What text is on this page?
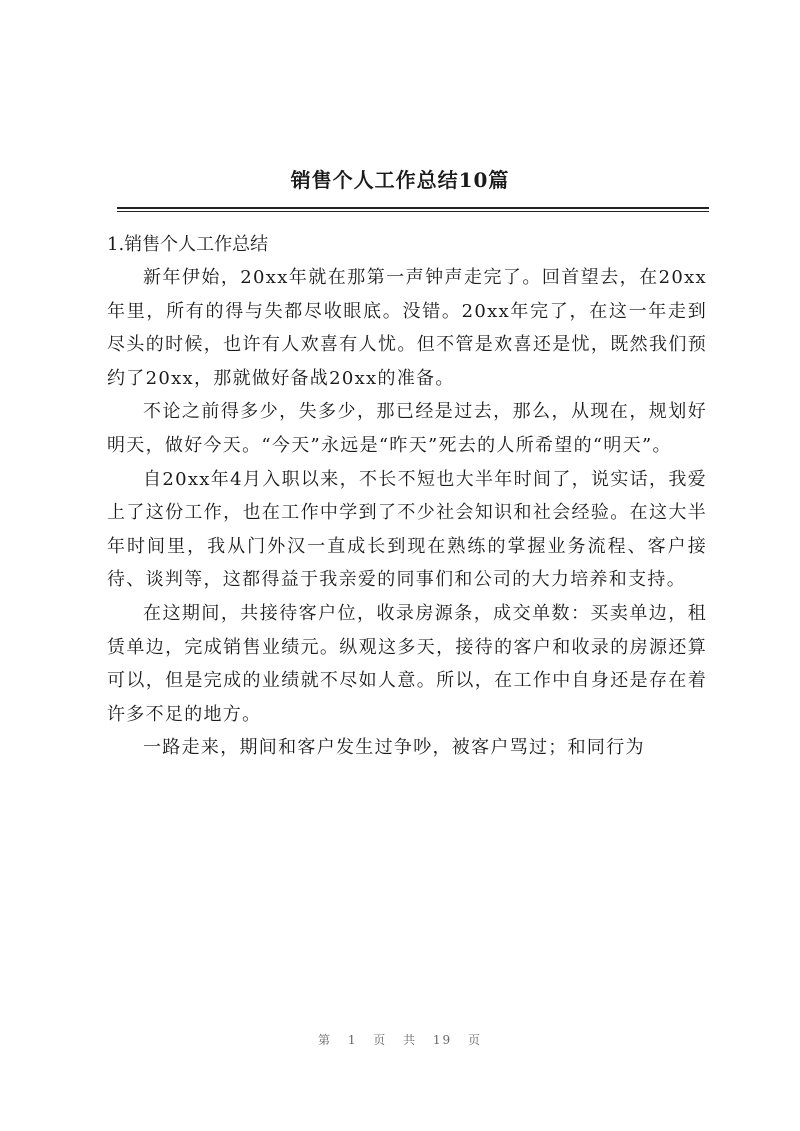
销售个人工作总结10篇

1.销售个人工作总结

新年伊始，20xx年就在那第一声钟声走完了。回首望去，在20xx年里，所有的得与失都尽收眼底。没错。20xx年完了，在这一年走到尽头的时候，也许有人欢喜有人忧。但不管是欢喜还是忧，既然我们预约了20xx，那就做好备战20xx的准备。

不论之前得多少，失多少，那已经是过去，那么，从现在，规划好明天，做好今天。“今天”永远是“昨天”死去的人所希望的“明天”。

自20xx年4月入职以来，不长不短也大半年时间了，说实话，我爱上了这份工作，也在工作中学到了不少社会知识和社会经验。在这大半年时间里，我从门外汉一直成长到现在熟练的掌握业务流程、客户接待、谈判等，这都得益于我亲爱的同事们和公司的大力培养和支持。

在这期间，共接待客户位，收录房源条，成交单数：买卖单边，租赁单边，完成销售业绩元。纵观这多天，接待的客户和收录的房源还算可以，但是完成的业绩就不尽如人意。所以，在工作中自身还是存在着许多不足的地方。

一路走来，期间和客户发生过争吵，被客户骂过；和同行为

第 1 页 共 19 页
